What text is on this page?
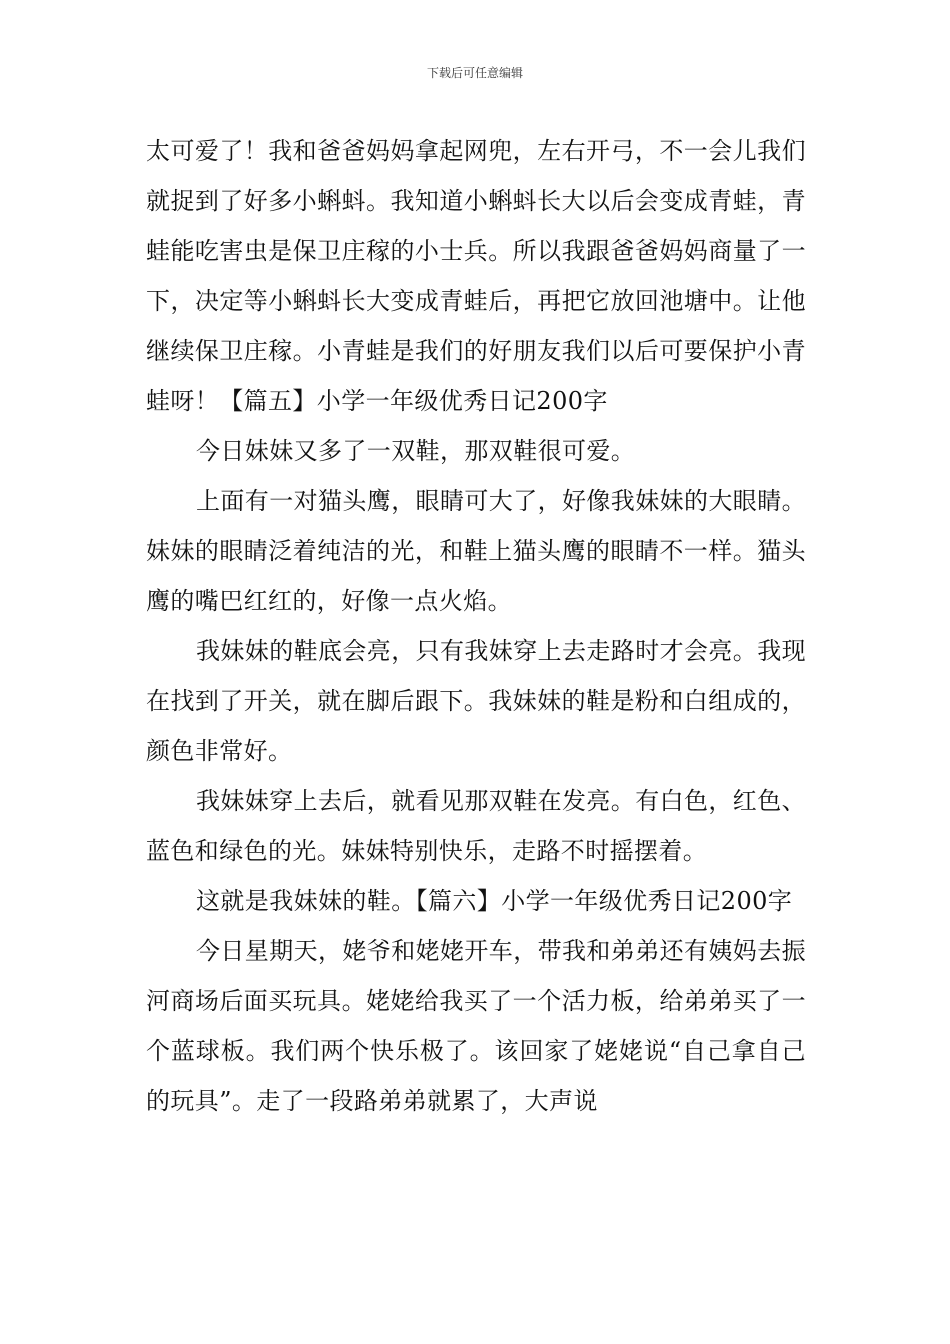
下载后可任意编辑

太可爱了！我和爸爸妈妈拿起网兜，左右开弓，不一会儿我们就捉到了好多小蝌蚪。我知道小蝌蚪长大以后会变成青蛙，青蛙能吃害虫是保卫庄稼的小士兵。所以我跟爸爸妈妈商量了一下，决定等小蝌蚪长大变成青蛙后，再把它放回池塘中。让他继续保卫庄稼。小青蛙是我们的好朋友我们以后可要保护小青蛙呀！【篇五】小学一年级优秀日记200字

今日妹妹又多了一双鞋，那双鞋很可爱。

上面有一对猫头鹰，眼睛可大了，好像我妹妹的大眼睛。妹妹的眼睛泛着纯洁的光，和鞋上猫头鹰的眼睛不一样。猫头鹰的嘴巴红红的，好像一点火焰。

我妹妹的鞋底会亮，只有我妹穿上去走路时才会亮。我现在找到了开关，就在脚后跟下。我妹妹的鞋是粉和白组成的，颜色非常好。

我妹妹穿上去后，就看见那双鞋在发亮。有白色，红色、蓝色和绿色的光。妹妹特别快乐，走路不时摇摆着。

这就是我妹妹的鞋。【篇六】小学一年级优秀日记200字

今日星期天，姥爷和姥姥开车，带我和弟弟还有姨妈去振河商场后面买玩具。姥姥给我买了一个活力板，给弟弟买了一个蓝球板。我们两个快乐极了。该回家了姥姥说“自己拿自己的玩具”。走了一段路弟弟就累了，大声说
